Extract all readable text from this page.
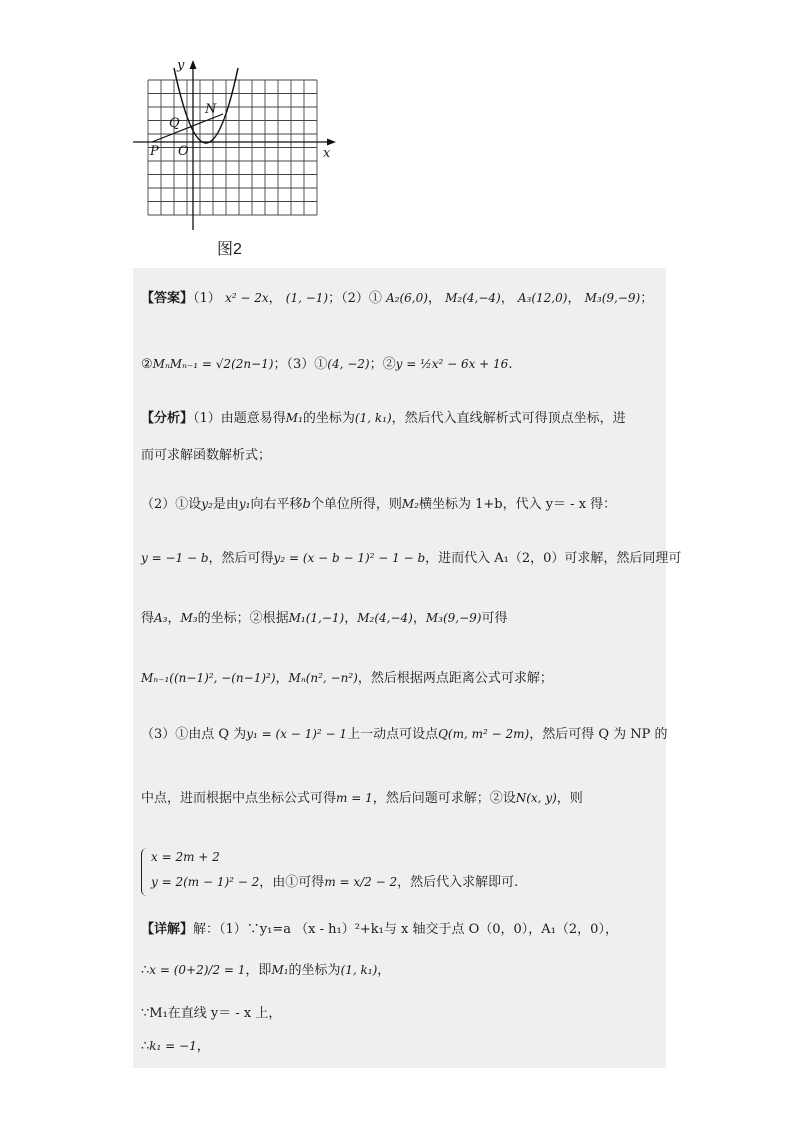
y
x
O
P
Q
N
图2
【答案】（1） x² − 2x， (1, −1)；（2）① A₂(6,0)， M₂(4,−4)， A₃(12,0)， M₃(9,−9)；
②MₙMₙ₋₁ = √2(2n−1)；（3）①(4, −2)；②y = ½x² − 6x + 16.
【分析】（1）由题意易得M₁的坐标为(1, k₁)，然后代入直线解析式可得顶点坐标，进
而可求解函数解析式；
（2）①设y₂是由y₁向右平移b个单位所得，则M₂横坐标为 1+b，代入 y＝ - x 得：
y = −1 − b，然后可得y₂ = (x − b − 1)² − 1 − b，进而代入 A₁（2，0）可求解，然后同理可
得A₃，M₃的坐标；②根据M₁(1,−1)，M₂(4,−4)，M₃(9,−9)可得
Mₙ₋₁((n−1)², −(n−1)²)，Mₙ(n², −n²)，然后根据两点距离公式可求解；
（3）①由点 Q 为y₁ = (x − 1)² − 1上一动点可设点Q(m, m² − 2m)，然后可得 Q 为 NP 的
中点，进而根据中点坐标公式可得m = 1，然后问题可求解；②设N(x, y)，则
x = 2m + 2
y = 2(m − 1)² − 2，由①可得m = x/2 − 2，然后代入求解即可.
【详解】解：（1）∵y₁=a （x - h₁）²+k₁与 x 轴交于点 O（0，0），A₁（2，0），
∴x = (0+2)/2 = 1，即M₁的坐标为(1, k₁)，
∵M₁在直线 y＝ - x 上，
∴k₁ = −1，
